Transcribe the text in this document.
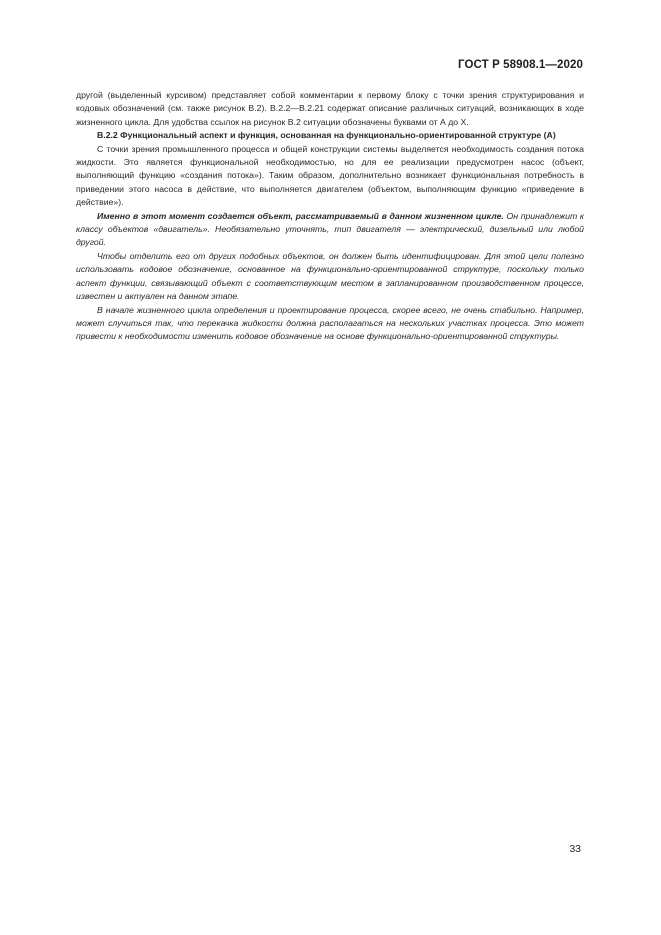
ГОСТ Р 58908.1—2020

другой (выделенный курсивом) представляет собой комментарии к первому блоку с точки зрения структурирования и кодовых обозначений (см. также рисунок В.2). В.2.2—В.2.21 содержат описание различных ситуаций, возникающих в ходе жизненного цикла. Для удобства ссылок на рисунок В.2 ситуации обозначены буквами от А до X.

В.2.2 Функциональный аспект и функция, основанная на функционально-ориентированной структуре (А)

С точки зрения промышленного процесса и общей конструкции системы выделяется необходимость создания потока жидкости. Это является функциональной необходимостью, но для ее реализации предусмотрен насос (объект, выполняющий функцию «создания потока»). Таким образом, дополнительно возникает функциональная потребность в приведении этого насоса в действие, что выполняется двигателем (объектом, выполняющим функцию «приведение в действие»).

Именно в этот момент создается объект, рассматриваемый в данном жизненном цикле. Он принадлежит к классу объектов «двигатель». Необязательно уточнять, тип двигателя — электрический, дизельный или любой другой.

Чтобы отделить его от других подобных объектов, он должен быть идентифицирован. Для этой цели полезно использовать кодовое обозначение, основанное на функционально-ориентированной структуре, поскольку только аспект функции, связывающий объект с соответствующим местом в запланированном производственном процессе, известен и актуален на данном этапе.

В начале жизненного цикла определения и проектирование процесса, скорее всего, не очень стабильно. Например, может случиться так, что перекачка жидкости должна располагаться на нескольких участках процесса. Это может привести к необходимости изменить кодовое обозначение на основе функционально-ориентированной структуры.

33
